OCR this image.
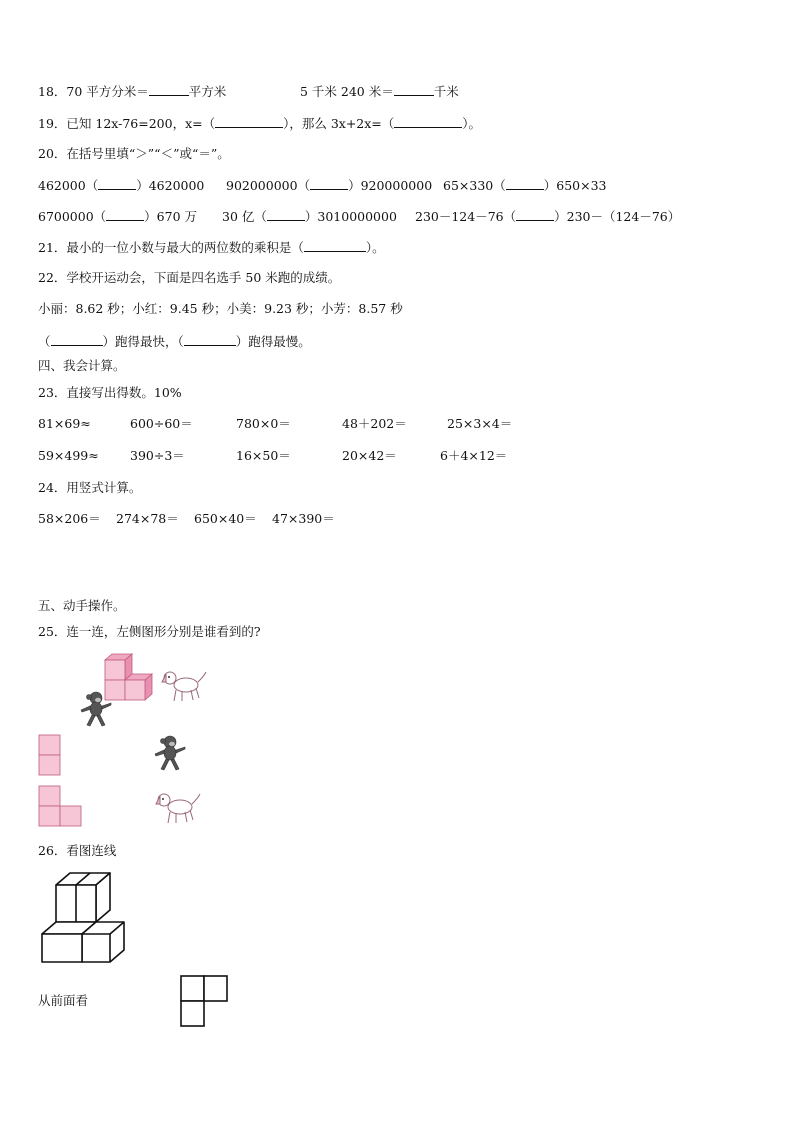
18．70 平方分米＝	平方米	5 千米 240 米＝	千米
19．已知 12x-76=200，x=（	），那么 3x+2x=（	）。
20．在括号里填“＞”“＜”或“＝”。
462000（	）4620000 902000000（	）920000000 65×330（	）650×33
6700000（	）670 万 30 亿（	）3010000000 230－124－76（	）230－（124－76）
21．最小的一位小数与最大的两位数的乘积是（	）。
22．学校开运动会，下面是四名选手 50 米跑的成绩。
小丽：8.62 秒；小红：9.45 秒；小美：9.23 秒；小芳：8.57 秒
（	）跑得最快，（	）跑得最慢。
四、我会计算。
23．直接写出得数。10%
81×69≈	600÷60＝	780×0＝	48＋202＝	25×3×4＝
59×499≈	390÷3＝	16×50＝	20×42＝	6＋4×12＝
24．用竖式计算。
58×206＝ 274×78＝ 650×40＝ 47×390＝
五、动手操作。
25．连一连，左侧图形分别是谁看到的?
26．看图连线
从前面看
